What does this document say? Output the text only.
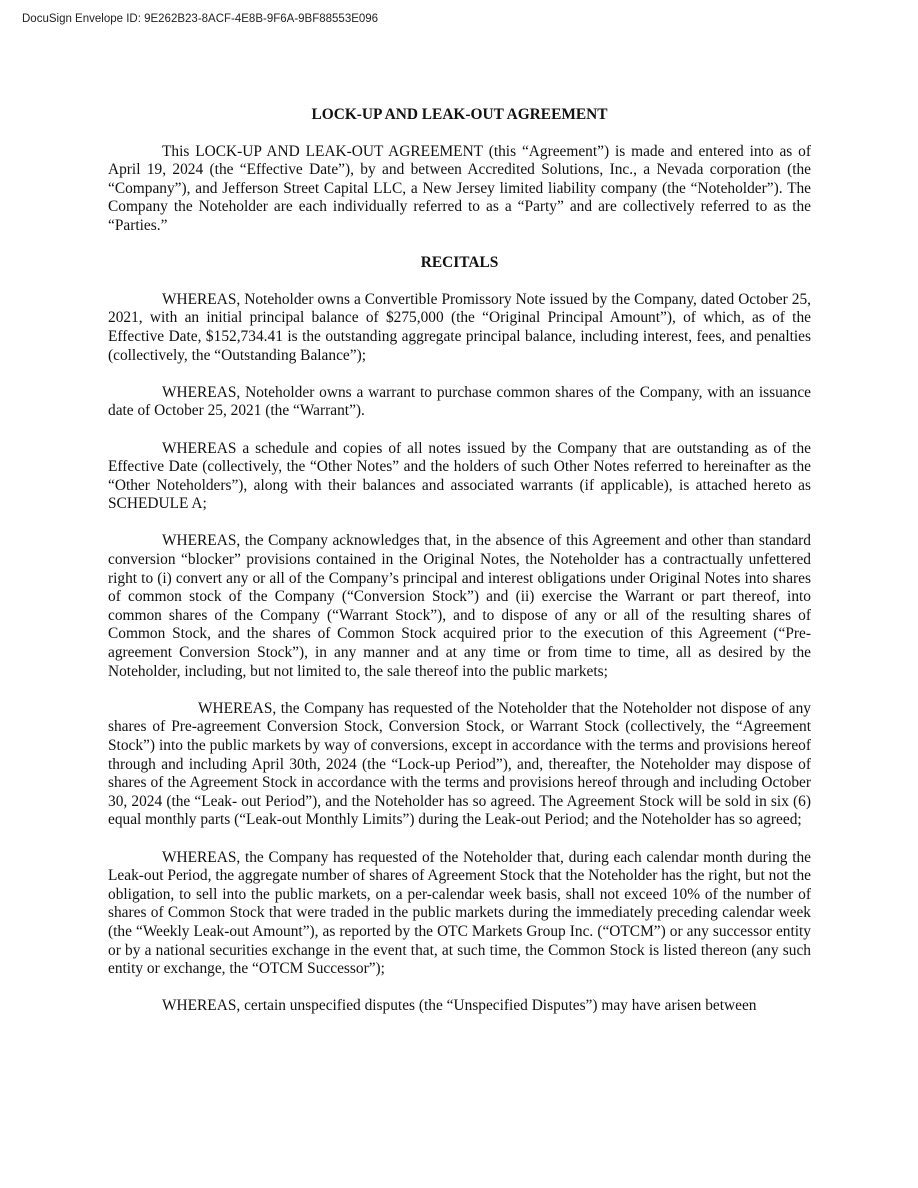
DocuSign Envelope ID: 9E262B23-8ACF-4E8B-9F6A-9BF88553E096
LOCK-UP AND LEAK-OUT AGREEMENT

This LOCK-UP AND LEAK-OUT AGREEMENT (this “Agreement”) is made and entered into as of April 19, 2024 (the “Effective Date”), by and between Accredited Solutions, Inc., a Nevada corporation (the “Company”), and Jefferson Street Capital LLC, a New Jersey limited liability company (the “Noteholder”). The Company the Noteholder are each individually referred to as a “Party” and are collectively referred to as the “Parties.”

RECITALS

WHEREAS, Noteholder owns a Convertible Promissory Note issued by the Company, dated October 25, 2021, with an initial principal balance of $275,000 (the “Original Principal Amount”), of which, as of the Effective Date, $152,734.41 is the outstanding aggregate principal balance, including interest, fees, and penalties (collectively, the “Outstanding Balance”);

WHEREAS, Noteholder owns a warrant to purchase common shares of the Company, with an issuance date of October 25, 2021 (the “Warrant”).

WHEREAS a schedule and copies of all notes issued by the Company that are outstanding as of the Effective Date (collectively, the “Other Notes” and the holders of such Other Notes referred to hereinafter as the “Other Noteholders”), along with their balances and associated warrants (if applicable), is attached hereto as SCHEDULE A;

WHEREAS, the Company acknowledges that, in the absence of this Agreement and other than standard conversion “blocker” provisions contained in the Original Notes, the Noteholder has a contractually unfettered right to (i) convert any or all of the Company’s principal and interest obligations under Original Notes into shares of common stock of the Company (“Conversion Stock”) and (ii) exercise the Warrant or part thereof, into common shares of the Company (“Warrant Stock”), and to dispose of any or all of the resulting shares of Common Stock, and the shares of Common Stock acquired prior to the execution of this Agreement (“Pre-agreement Conversion Stock”), in any manner and at any time or from time to time, all as desired by the Noteholder, including, but not limited to, the sale thereof into the public markets;

WHEREAS, the Company has requested of the Noteholder that the Noteholder not dispose of any shares of Pre-agreement Conversion Stock, Conversion Stock, or Warrant Stock (collectively, the “Agreement Stock”) into the public markets by way of conversions, except in accordance with the terms and provisions hereof through and including April 30th, 2024 (the “Lock-up Period”), and, thereafter, the Noteholder may dispose of shares of the Agreement Stock in accordance with the terms and provisions hereof through and including October 30, 2024 (the “Leak- out Period”), and the Noteholder has so agreed. The Agreement Stock will be sold in six (6) equal monthly parts (“Leak-out Monthly Limits”) during the Leak-out Period; and the Noteholder has so agreed;

WHEREAS, the Company has requested of the Noteholder that, during each calendar month during the Leak-out Period, the aggregate number of shares of Agreement Stock that the Noteholder has the right, but not the obligation, to sell into the public markets, on a per-calendar week basis, shall not exceed 10% of the number of shares of Common Stock that were traded in the public markets during the immediately preceding calendar week (the “Weekly Leak-out Amount”), as reported by the OTC Markets Group Inc. (“OTCM”) or any successor entity or by a national securities exchange in the event that, at such time, the Common Stock is listed thereon (any such entity or exchange, the “OTCM Successor”);

WHEREAS, certain unspecified disputes (the “Unspecified Disputes”) may have arisen between
